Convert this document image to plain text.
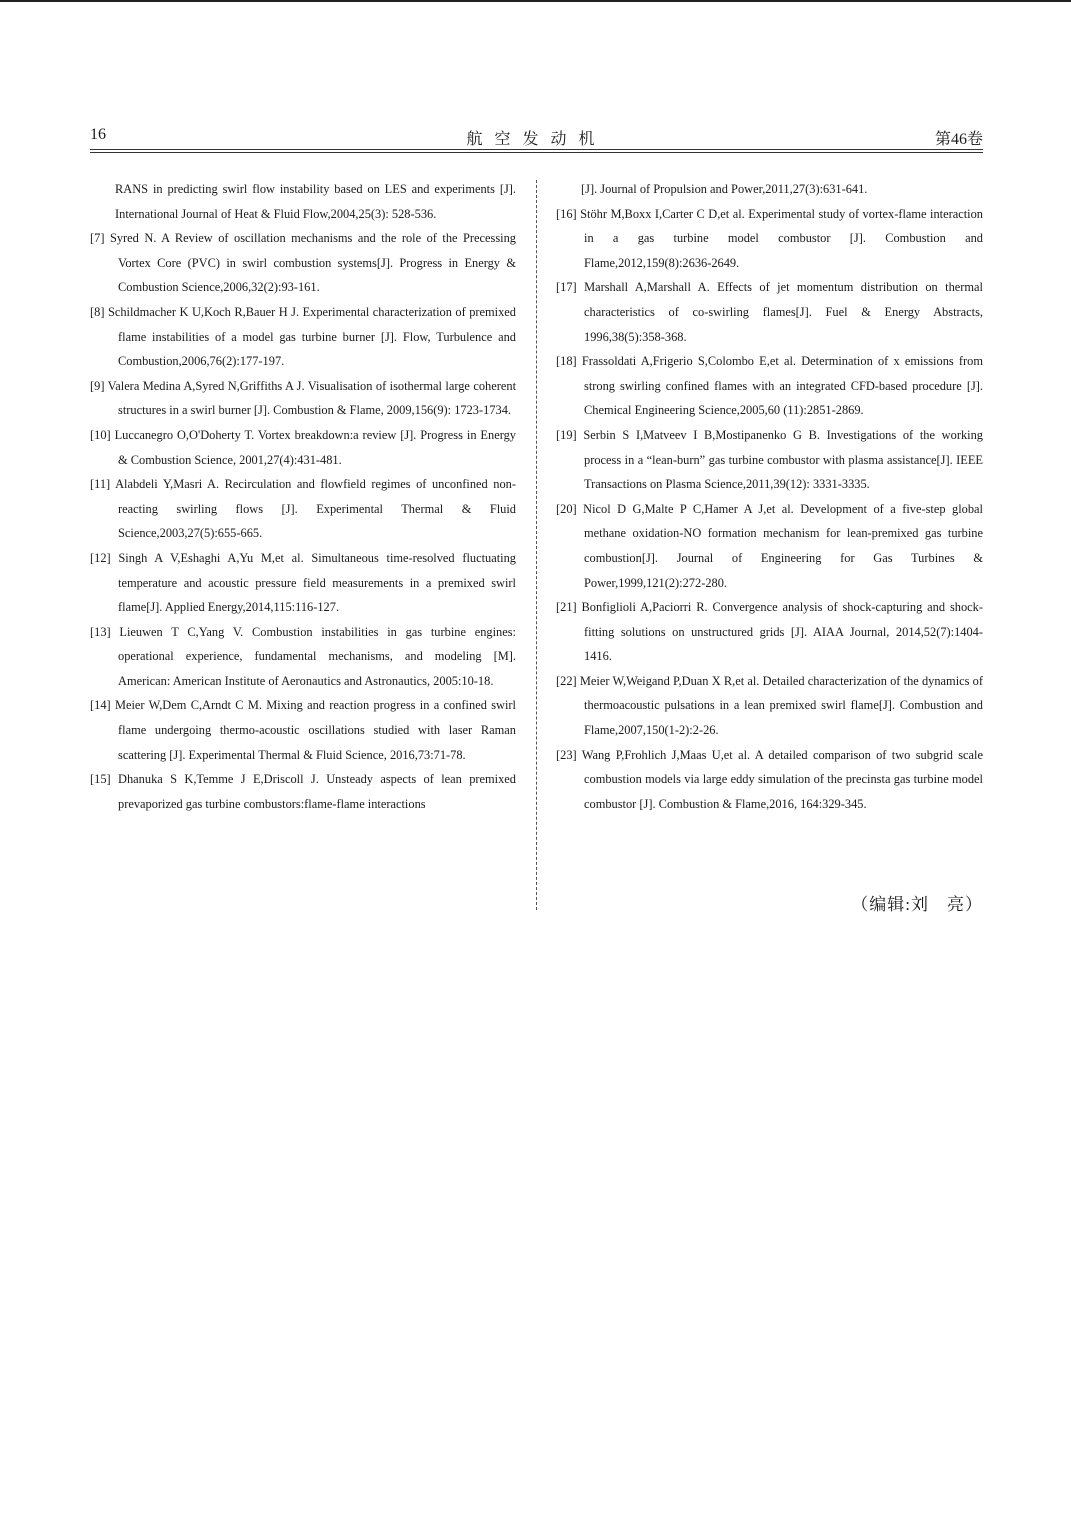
16	航空发动机	第46卷

RANS in predicting swirl flow instability based on LES and experiments [J]. International Journal of Heat & Fluid Flow,2004,25(3): 528-536.

[7] Syred N. A Review of oscillation mechanisms and the role of the Precessing Vortex Core (PVC) in swirl combustion systems[J]. Progress in Energy & Combustion Science,2006,32(2):93-161.

[8] Schildmacher K U,Koch R,Bauer H J. Experimental characterization of premixed flame instabilities of a model gas turbine burner [J]. Flow, Turbulence and Combustion,2006,76(2):177-197.

[9] Valera Medina A,Syred N,Griffiths A J. Visualisation of isothermal large coherent structures in a swirl burner [J]. Combustion & Flame, 2009,156(9): 1723-1734.

[10] Luccanegro O,O'Doherty T. Vortex breakdown:a review [J]. Progress in Energy & Combustion Science, 2001,27(4):431-481.

[11] Alabdeli Y,Masri A. Recirculation and flowfield regimes of unconfined non-reacting swirling flows [J]. Experimental Thermal & Fluid Science,2003,27(5):655-665.

[12] Singh A V,Eshaghi A,Yu M,et al. Simultaneous time-resolved fluctuating temperature and acoustic pressure field measurements in a premixed swirl flame[J]. Applied Energy,2014,115:116-127.

[13] Lieuwen T C,Yang V. Combustion instabilities in gas turbine engines: operational experience, fundamental mechanisms, and modeling [M]. American: American Institute of Aeronautics and Astronautics, 2005:10-18.

[14] Meier W,Dem C,Arndt C M. Mixing and reaction progress in a confined swirl flame undergoing thermo-acoustic oscillations studied with laser Raman scattering [J]. Experimental Thermal & Fluid Science, 2016,73:71-78.

[15] Dhanuka S K,Temme J E,Driscoll J. Unsteady aspects of lean premixed prevaporized gas turbine combustors:flame-flame interactions

[J]. Journal of Propulsion and Power,2011,27(3):631-641.

[16] Stöhr M,Boxx I,Carter C D,et al. Experimental study of vortex-flame interaction in a gas turbine model combustor [J]. Combustion and Flame,2012,159(8):2636-2649.

[17] Marshall A,Marshall A. Effects of jet momentum distribution on thermal characteristics of co-swirling flames[J]. Fuel & Energy Abstracts, 1996,38(5):358-368.

[18] Frassoldati A,Frigerio S,Colombo E,et al. Determination of x emissions from strong swirling confined flames with an integrated CFD-based procedure [J]. Chemical Engineering Science,2005,60 (11):2851-2869.

[19] Serbin S I,Matveev I B,Mostipanenko G B. Investigations of the working process in a “lean-burn” gas turbine combustor with plasma assistance[J]. IEEE Transactions on Plasma Science,2011,39(12): 3331-3335.

[20] Nicol D G,Malte P C,Hamer A J,et al. Development of a five-step global methane oxidation-NO formation mechanism for lean-premixed gas turbine combustion[J]. Journal of Engineering for Gas Turbines & Power,1999,121(2):272-280.

[21] Bonfiglioli A,Paciorri R. Convergence analysis of shock-capturing and shock-fitting solutions on unstructured grids [J]. AIAA Journal, 2014,52(7):1404-1416.

[22] Meier W,Weigand P,Duan X R,et al. Detailed characterization of the dynamics of thermoacoustic pulsations in a lean premixed swirl flame[J]. Combustion and Flame,2007,150(1-2):2-26.

[23] Wang P,Frohlich J,Maas U,et al. A detailed comparison of two subgrid scale combustion models via large eddy simulation of the precinsta gas turbine model combustor [J]. Combustion & Flame,2016, 164:329-345.

（编辑:刘　亮）
